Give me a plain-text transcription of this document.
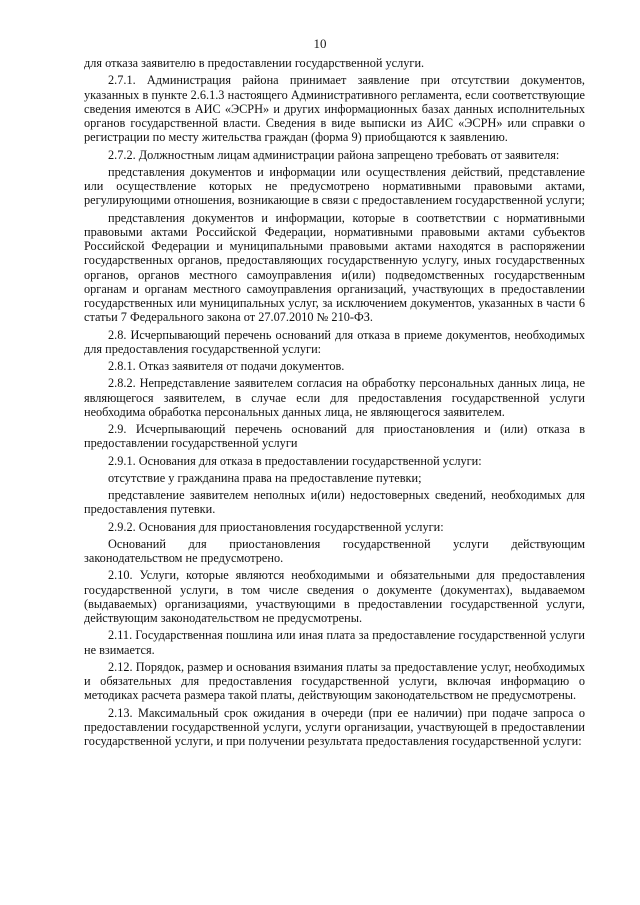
10

для отказа заявителю в предоставлении государственной услуги.

2.7.1. Администрация района принимает заявление при отсутствии документов, указанных в пункте 2.6.1.3 настоящего Административного регламента, если соответствующие сведения имеются в АИС «ЭСРН» и других информационных базах данных исполнительных органов государственной власти. Сведения в виде выписки из АИС «ЭСРН» или справки о регистрации по месту жительства граждан (форма 9) приобщаются к заявлению.

2.7.2. Должностным лицам администрации района запрещено требовать от заявителя:

представления документов и информации или осуществления действий, представление или осуществление которых не предусмотрено нормативными правовыми актами, регулирующими отношения, возникающие в связи с предоставлением государственной услуги;

представления документов и информации, которые в соответствии с нормативными правовыми актами Российской Федерации, нормативными правовыми актами субъектов Российской Федерации и муниципальными правовыми актами находятся в распоряжении государственных органов, предоставляющих государственную услугу, иных государственных органов, органов местного самоуправления и(или) подведомственных государственным органам и органам местного самоуправления организаций, участвующих в предоставлении государственных или муниципальных услуг, за исключением документов, указанных в части 6 статьи 7 Федерального закона от 27.07.2010 № 210-ФЗ.

2.8. Исчерпывающий перечень оснований для отказа в приеме документов, необходимых для предоставления государственной услуги:

2.8.1. Отказ заявителя от подачи документов.

2.8.2. Непредставление заявителем согласия на обработку персональных данных лица, не являющегося заявителем, в случае если для предоставления государственной услуги необходима обработка персональных данных лица, не являющегося заявителем.

2.9. Исчерпывающий перечень оснований для приостановления и (или) отказа в предоставлении государственной услуги

2.9.1. Основания для отказа в предоставлении государственной услуги:

отсутствие у гражданина права на предоставление путевки;

представление заявителем неполных и(или) недостоверных сведений, необходимых для предоставления путевки.

2.9.2. Основания для приостановления государственной услуги:

Оснований для приостановления государственной услуги действующим законодательством не предусмотрено.

2.10. Услуги, которые являются необходимыми и обязательными для предоставления государственной услуги, в том числе сведения о документе (документах), выдаваемом (выдаваемых) организациями, участвующими в предоставлении государственной услуги, действующим законодательством не предусмотрены.

2.11. Государственная пошлина или иная плата за предоставление государственной услуги не взимается.

2.12. Порядок, размер и основания взимания платы за предоставление услуг, необходимых и обязательных для предоставления государственной услуги, включая информацию о методиках расчета размера такой платы, действующим законодательством не предусмотрены.

2.13. Максимальный срок ожидания в очереди (при ее наличии) при подаче запроса о предоставлении государственной услуги, услуги организации, участвующей в предоставлении государственной услуги, и при получении результата предоставления государственной услуги:
